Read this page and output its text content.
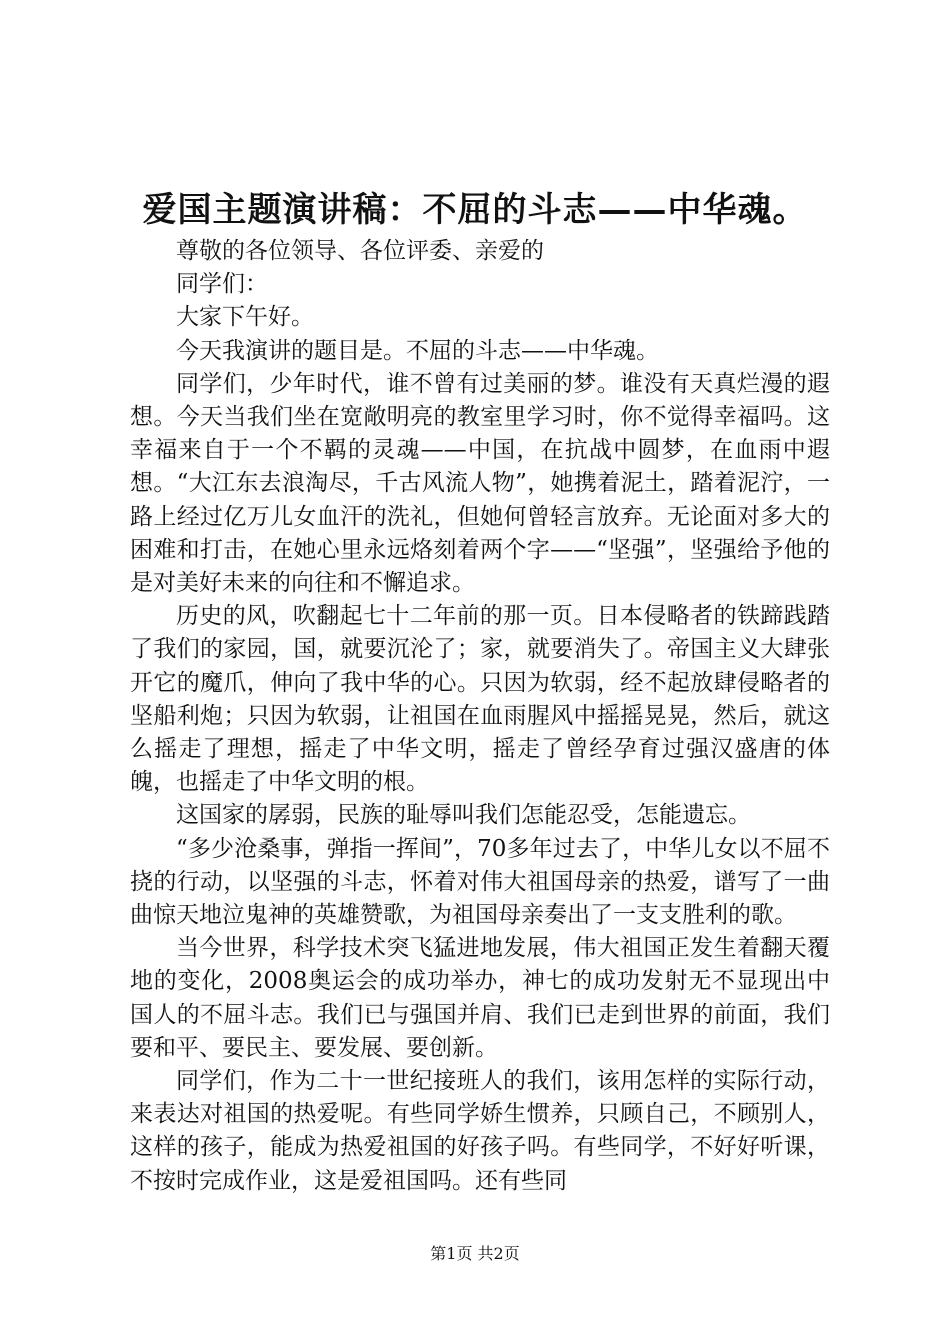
爱国主题演讲稿：不屈的斗志——中华魂。

尊敬的各位领导、各位评委、亲爱的

同学们：

大家下午好。

今天我演讲的题目是。不屈的斗志——中华魂。

同学们，少年时代，谁不曾有过美丽的梦。谁没有天真烂漫的遐想。今天当我们坐在宽敞明亮的教室里学习时，你不觉得幸福吗。这幸福来自于一个不羁的灵魂——中国，在抗战中圆梦，在血雨中遐想。“大江东去浪淘尽，千古风流人物”，她携着泥土，踏着泥泞，一路上经过亿万儿女血汗的洗礼，但她何曾轻言放弃。无论面对多大的困难和打击，在她心里永远烙刻着两个字——“坚强”，坚强给予他的是对美好未来的向往和不懈追求。

历史的风，吹翻起七十二年前的那一页。日本侵略者的铁蹄践踏了我们的家园，国，就要沉沦了；家，就要消失了。帝国主义大肆张开它的魔爪，伸向了我中华的心。只因为软弱，经不起放肆侵略者的坚船利炮；只因为软弱，让祖国在血雨腥风中摇摇晃晃，然后，就这么摇走了理想，摇走了中华文明，摇走了曾经孕育过强汉盛唐的体魄，也摇走了中华文明的根。

这国家的孱弱，民族的耻辱叫我们怎能忍受，怎能遗忘。

“多少沧桑事，弹指一挥间”，70多年过去了，中华儿女以不屈不挠的行动，以坚强的斗志，怀着对伟大祖国母亲的热爱，谱写了一曲曲惊天地泣鬼神的英雄赞歌，为祖国母亲奏出了一支支胜利的歌。

当今世界，科学技术突飞猛进地发展，伟大祖国正发生着翻天覆地的变化，2008奥运会的成功举办，神七的成功发射无不显现出中国人的不屈斗志。我们已与强国并肩、我们已走到世界的前面，我们要和平、要民主、要发展、要创新。

同学们，作为二十一世纪接班人的我们，该用怎样的实际行动，来表达对祖国的热爱呢。有些同学娇生惯养，只顾自己，不顾别人，这样的孩子，能成为热爱祖国的好孩子吗。有些同学，不好好听课，不按时完成作业，这是爱祖国吗。还有些同

第1页 共2页
